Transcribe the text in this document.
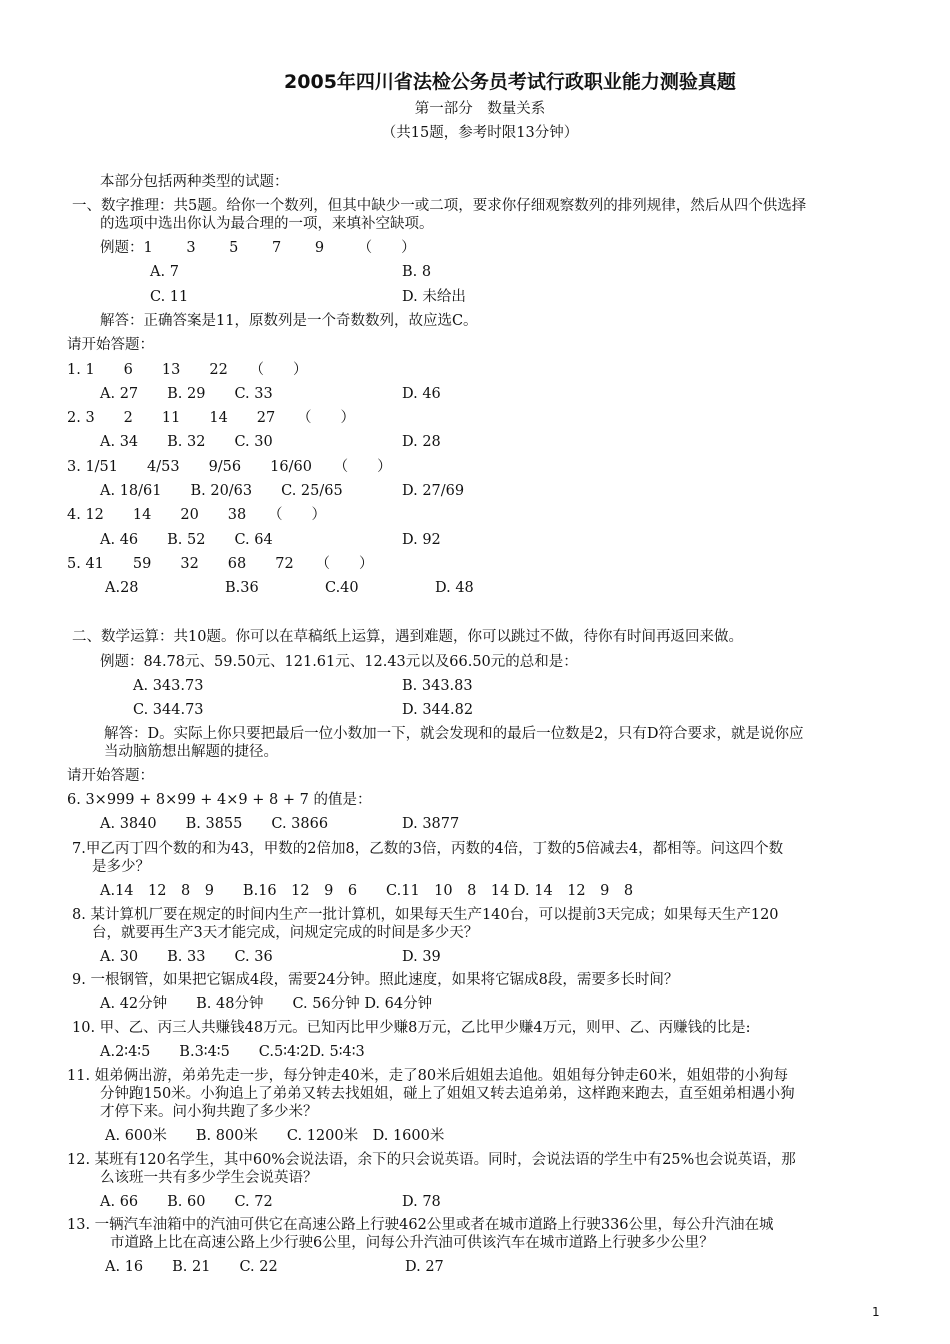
2005年四川省法检公务员考试行政职业能力测验真题
第一部分　数量关系
（共15题，参考时限13分钟）
本部分包括两种类型的试题：
一、数字推理：共5题。给你一个数列，但其中缺少一或二项，要求你仔细观察数列的排列规律，然后从四个供选择
的选项中选出你认为最合理的一项，来填补空缺项。
例题：1　　 3　　 5　　 7　　 9　　 （　　）
A. 7	B. 8
C. 11	D. 未给出
解答：正确答案是11，原数列是一个奇数数列，故应选C。
请开始答题：
1. 1　　6　　13　　22　　（　　）
A. 27　　B. 29　　C. 33	D. 46
2. 3　　2　　11　　14　　27　　（　　）
A. 34　　B. 32　　C. 30	D. 28
3. 1/51　　4/53　　9/56　　16/60　　（　　）
A. 18/61　　B. 20/63　　C. 25/65	D. 27/69
4. 12　　14　　20　　38　　（　　）
A. 46　　B. 52　　C. 64	D. 92
5. 41　　59　　32　　68　　72　　（　　）
A.28	B.36	C.40	D. 48
二、数学运算：共10题。你可以在草稿纸上运算，遇到难题，你可以跳过不做，待你有时间再返回来做。
例题：84.78元、59.50元、121.61元、12.43元以及66.50元的总和是：
A. 343.73	B. 343.83
C. 344.73	D. 344.82
解答：D。实际上你只要把最后一位小数加一下，就会发现和的最后一位数是2，只有D符合要求，就是说你应
当动脑筋想出解题的捷径。
请开始答题：
6. 3×999 + 8×99 + 4×9 + 8 + 7 的值是：
A. 3840　　B. 3855　　C. 3866	D. 3877
7.甲乙丙丁四个数的和为43，甲数的2倍加8，乙数的3倍，丙数的4倍，丁数的5倍减去4，都相等。问这四个数
是多少？
A.14　12　8　9　　B.16　12　9　6　　C.11　10　8　14 D. 14　12　9　8
8. 某计算机厂要在规定的时间内生产一批计算机，如果每天生产140台，可以提前3天完成；如果每天生产120
台，就要再生产3天才能完成，问规定完成的时间是多少天？
A. 30　　B. 33　　C. 36	D. 39
9. 一根钢管，如果把它锯成4段，需要24分钟。照此速度，如果将它锯成8段，需要多长时间？
A. 42分钟　　B. 48分钟　　C. 56分钟 D. 64分钟
10. 甲、乙、丙三人共赚钱48万元。已知丙比甲少赚8万元，乙比甲少赚4万元，则甲、乙、丙赚钱的比是:
A.2∶4∶5　　B.3∶4∶5　　C.5∶4∶2D. 5∶4∶3
11. 姐弟俩出游，弟弟先走一步，每分钟走40米，走了80米后姐姐去追他。姐姐每分钟走60米，姐姐带的小狗每
分钟跑150米。小狗追上了弟弟又转去找姐姐，碰上了姐姐又转去追弟弟，这样跑来跑去，直至姐弟相遇小狗
才停下来。问小狗共跑了多少米？
A. 600米　　B. 800米　　C. 1200米　D. 1600米
12. 某班有120名学生，其中60%会说法语，余下的只会说英语。同时，会说法语的学生中有25%也会说英语，那
么该班一共有多少学生会说英语？
A. 66　　B. 60　　C. 72	D. 78
13. 一辆汽车油箱中的汽油可供它在高速公路上行驶462公里或者在城市道路上行驶336公里，每公升汽油在城
市道路上比在高速公路上少行驶6公里，问每公升汽油可供该汽车在城市道路上行驶多少公里？
A. 16　　B. 21　　C. 22	D. 27
1
